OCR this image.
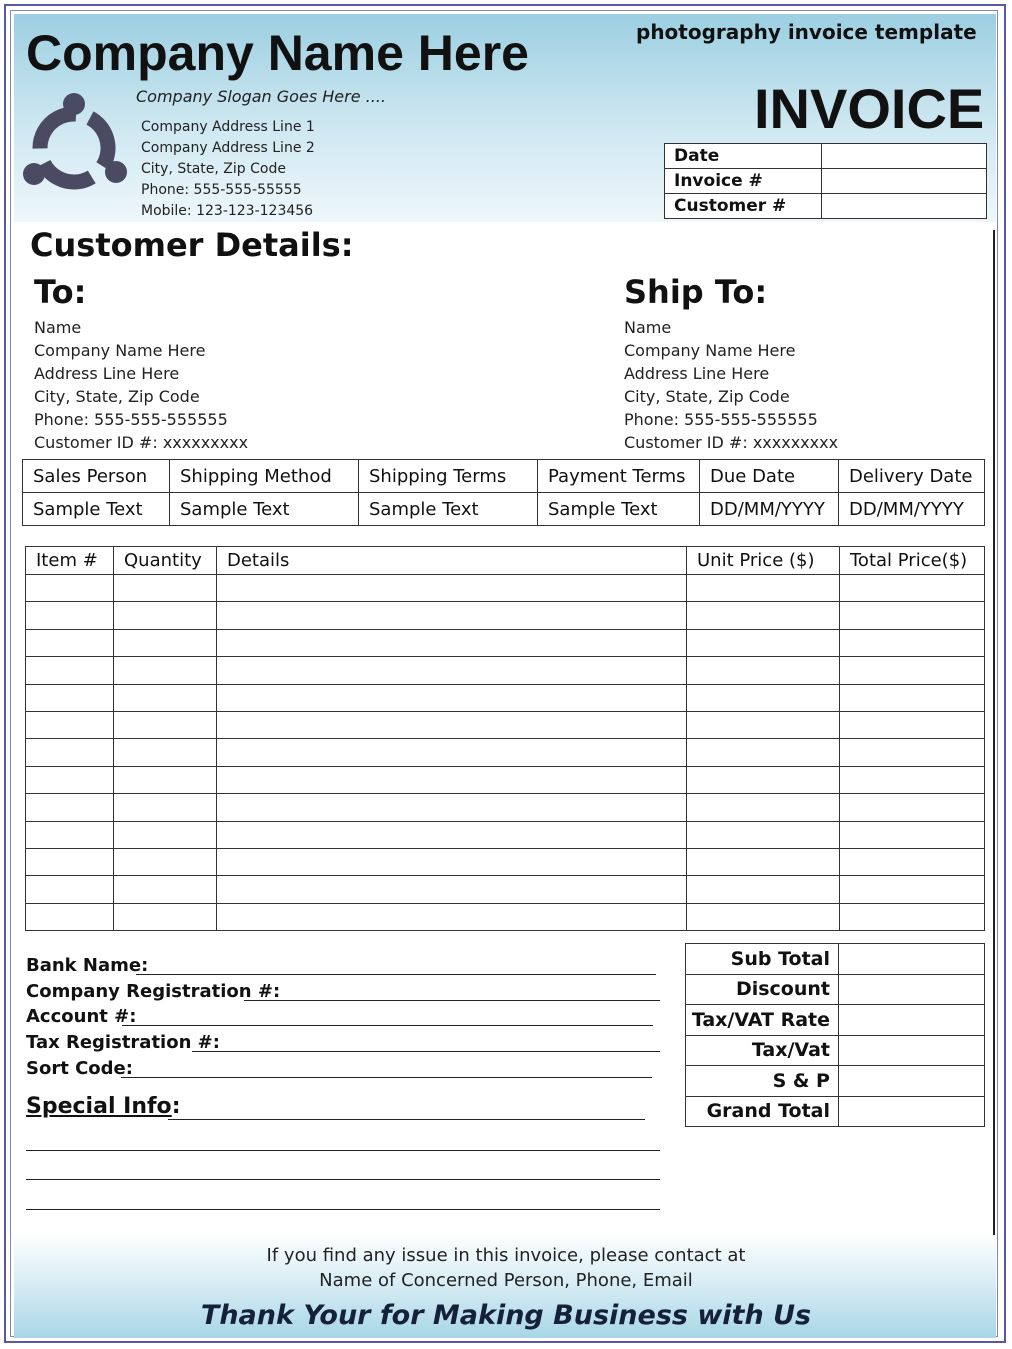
Company Name Here
Company Slogan Goes Here ....
Company Address Line 1
Company Address Line 2
City, State, Zip Code
Phone: 555-555-55555
Mobile: 123-123-123456
photography invoice template
INVOICE
Date	
Invoice #	
Customer #	
Customer Details:
To:
Name
Company Name Here
Address Line Here
City, State, Zip Code
Phone: 555-555-555555
Customer ID #: xxxxxxxxx
Ship To:
Name
Company Name Here
Address Line Here
City, State, Zip Code
Phone: 555-555-555555
Customer ID #: xxxxxxxxx
Sales Person	Shipping Method	Shipping Terms	Payment Terms	Due Date	Delivery Date
Sample Text	Sample Text	Sample Text	Sample Text	DD/MM/YYYY	DD/MM/YYYY
Item #	Quantity	Details	Unit Price ($)	Total Price($)

Bank Name:
Company Registration #:
Account #:
Tax Registration #:
Sort Code:
Special Info:
Sub Total	
Discount	
Tax/VAT Rate	
Tax/Vat	
S & P	
Grand Total	
If you find any issue in this invoice, please contact at
Name of Concerned Person, Phone, Email
Thank Your for Making Business with Us
